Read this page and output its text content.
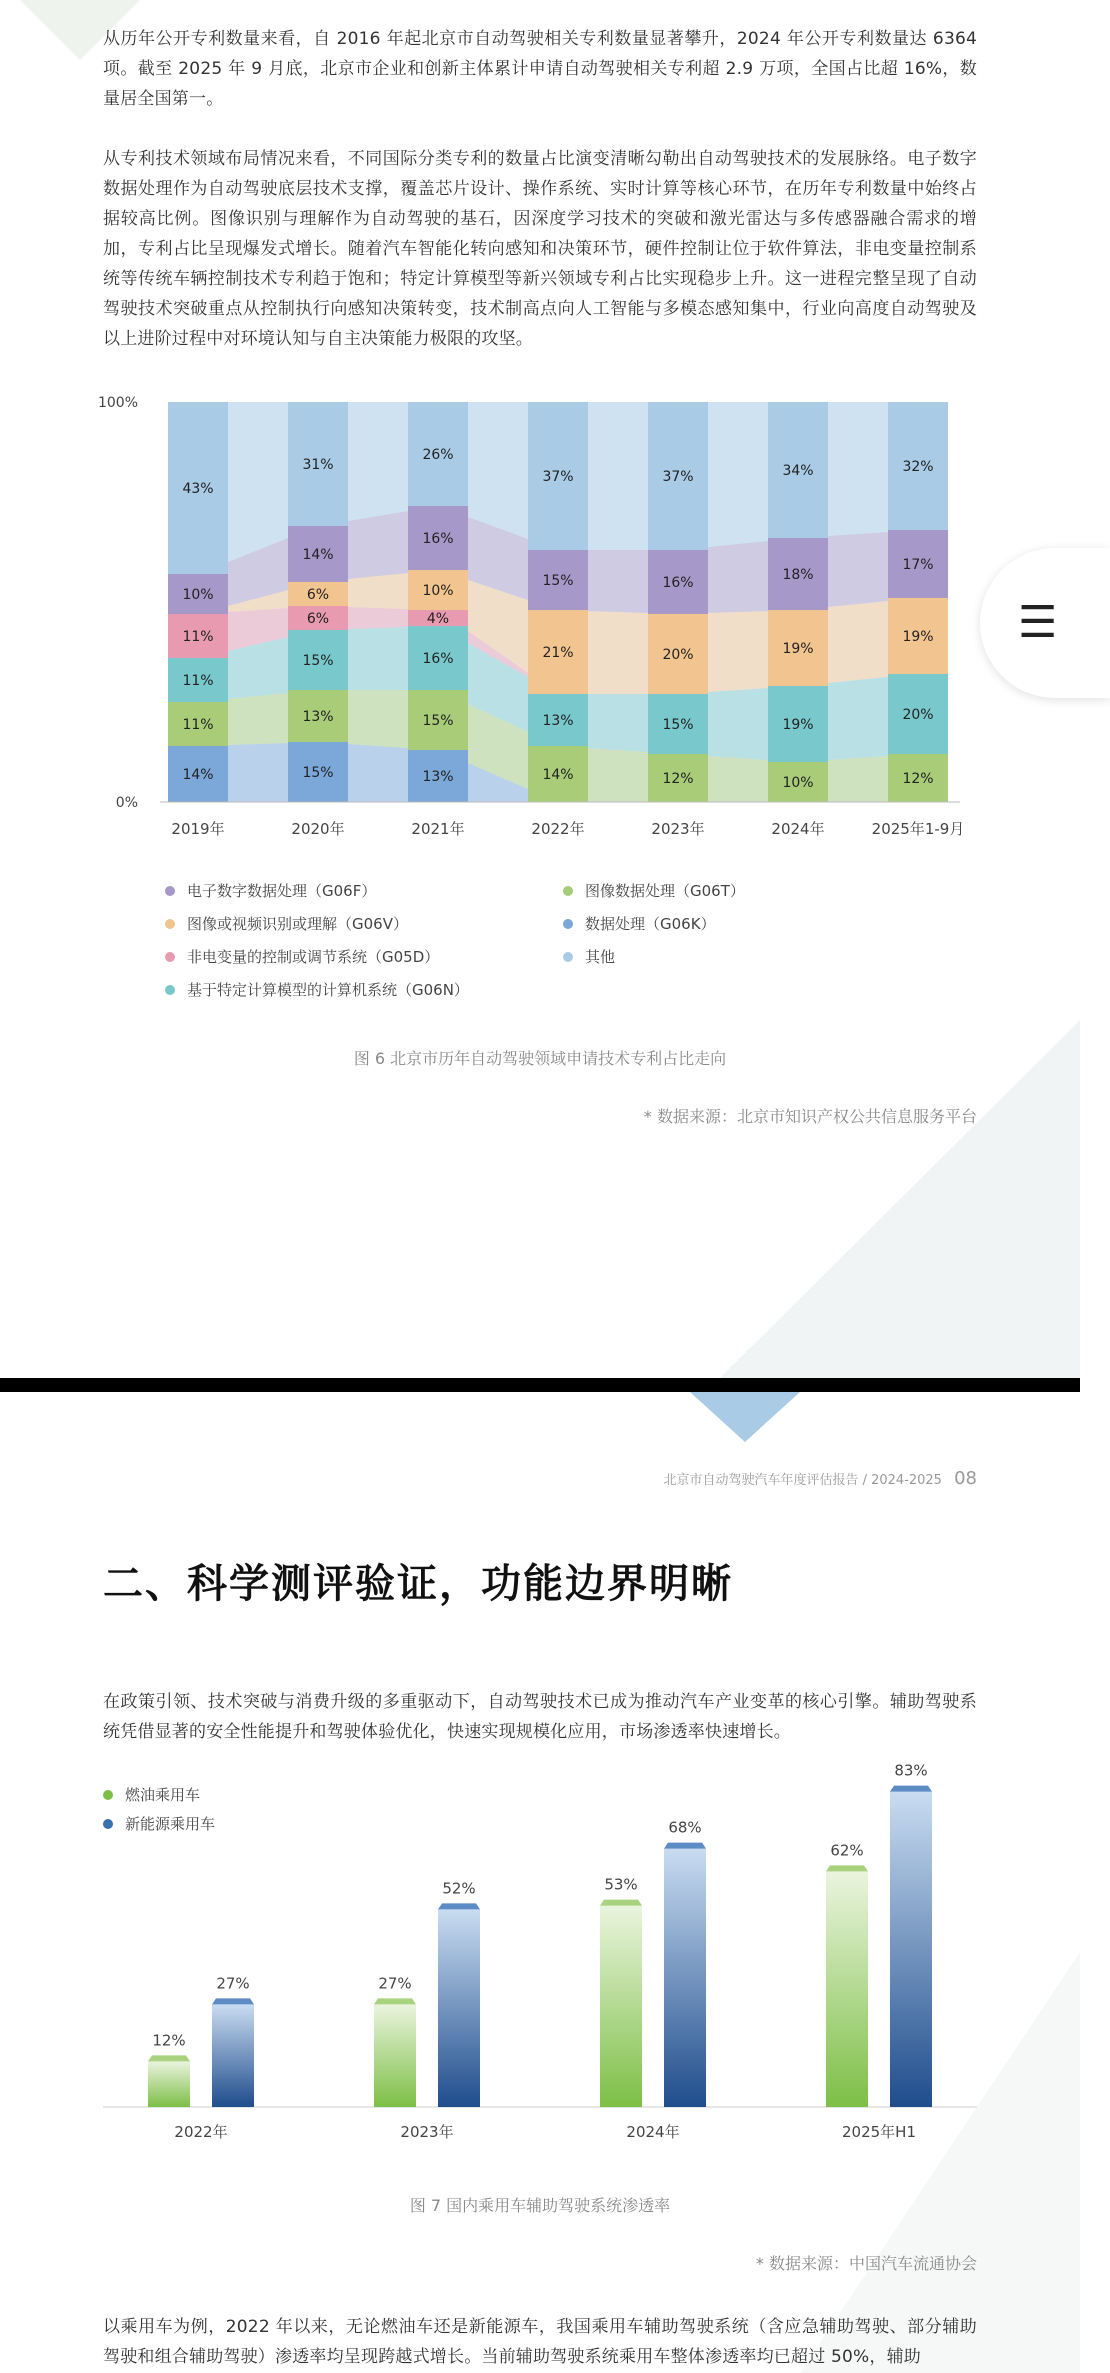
从历年公开专利数量来看，自 2016 年起北京市自动驾驶相关专利数量显著攀升，2024 年公开专利数量达 6364 项。截至 2025 年 9 月底，北京市企业和创新主体累计申请自动驾驶相关专利超 2.9 万项，全国占比超 16%，数量居全国第一。

从专利技术领域布局情况来看，不同国际分类专利的数量占比演变清晰勾勒出自动驾驶技术的发展脉络。电子数字数据处理作为自动驾驶底层技术支撑，覆盖芯片设计、操作系统、实时计算等核心环节，在历年专利数量中始终占据较高比例。图像识别与理解作为自动驾驶的基石，因深度学习技术的突破和激光雷达与多传感器融合需求的增加，专利占比呈现爆发式增长。随着汽车智能化转向感知和决策环节，硬件控制让位于软件算法，非电变量控制系统等传统车辆控制技术专利趋于饱和；特定计算模型等新兴领域专利占比实现稳步上升。这一进程完整呈现了自动驾驶技术突破重点从控制执行向感知决策转变，技术制高点向人工智能与多模态感知集中，行业向高度自动驾驶及以上进阶过程中对环境认知与自主决策能力极限的攻坚。

14%	15%	13%
11%	13%	15%
14%	12%	10%	12%
11%
15%	16%
13%	15%	19%
20%
11%
6%	4%
6%	10%
21%	20%	19%
19%
10%
14%
16%
15%	16%	18%
17%
43%
31%
26%
37%	37%	34%	32%
100%
0%
2019年	2020年	2021年	2022年	2023年	2024年	2025年1-9月
电子数字数据处理（G06F）	图像数据处理（G06T）
图像或视频识别或理解（G06V）	数据处理（G06K）
非电变量的控制或调节系统（G05D）	其他
基于特定计算模型的计算机系统（G06N）
图 6 北京市历年自动驾驶领域申请技术专利占比走向
* 数据来源：北京市知识产权公共信息服务平台
☰
北京市自动驾驶汽车年度评估报告 / 2024-2025 08
二、科学测评验证，功能边界明晰

在政策引领、技术突破与消费升级的多重驱动下，自动驾驶技术已成为推动汽车产业变革的核心引擎。辅助驾驶系统凭借显著的安全性能提升和驾驶体验优化，快速实现规模化应用，市场渗透率快速增长。

燃油乘用车
新能源乘用车
12%
27%
53%
62%
27%
52%
68%
83%
2022年	2023年	2024年	2025年H1
图 7 国内乘用车辅助驾驶系统渗透率
* 数据来源：中国汽车流通协会

以乘用车为例，2022 年以来，无论燃油车还是新能源车，我国乘用车辅助驾驶系统（含应急辅助驾驶、部分辅助驾驶和组合辅助驾驶）渗透率均呈现跨越式增长。当前辅助驾驶系统乘用车整体渗透率均已超过 50%，辅助
